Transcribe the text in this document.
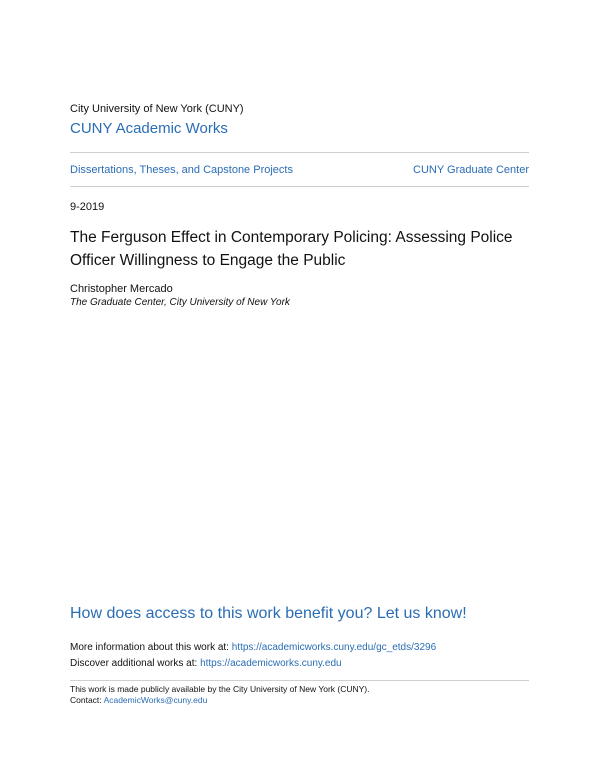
City University of New York (CUNY)
CUNY Academic Works
Dissertations, Theses, and Capstone Projects	CUNY Graduate Center
9-2019
The Ferguson Effect in Contemporary Policing: Assessing Police Officer Willingness to Engage the Public
Christopher Mercado
The Graduate Center, City University of New York
How does access to this work benefit you? Let us know!
More information about this work at: https://academicworks.cuny.edu/gc_etds/3296
Discover additional works at: https://academicworks.cuny.edu
This work is made publicly available by the City University of New York (CUNY).
Contact: AcademicWorks@cuny.edu
